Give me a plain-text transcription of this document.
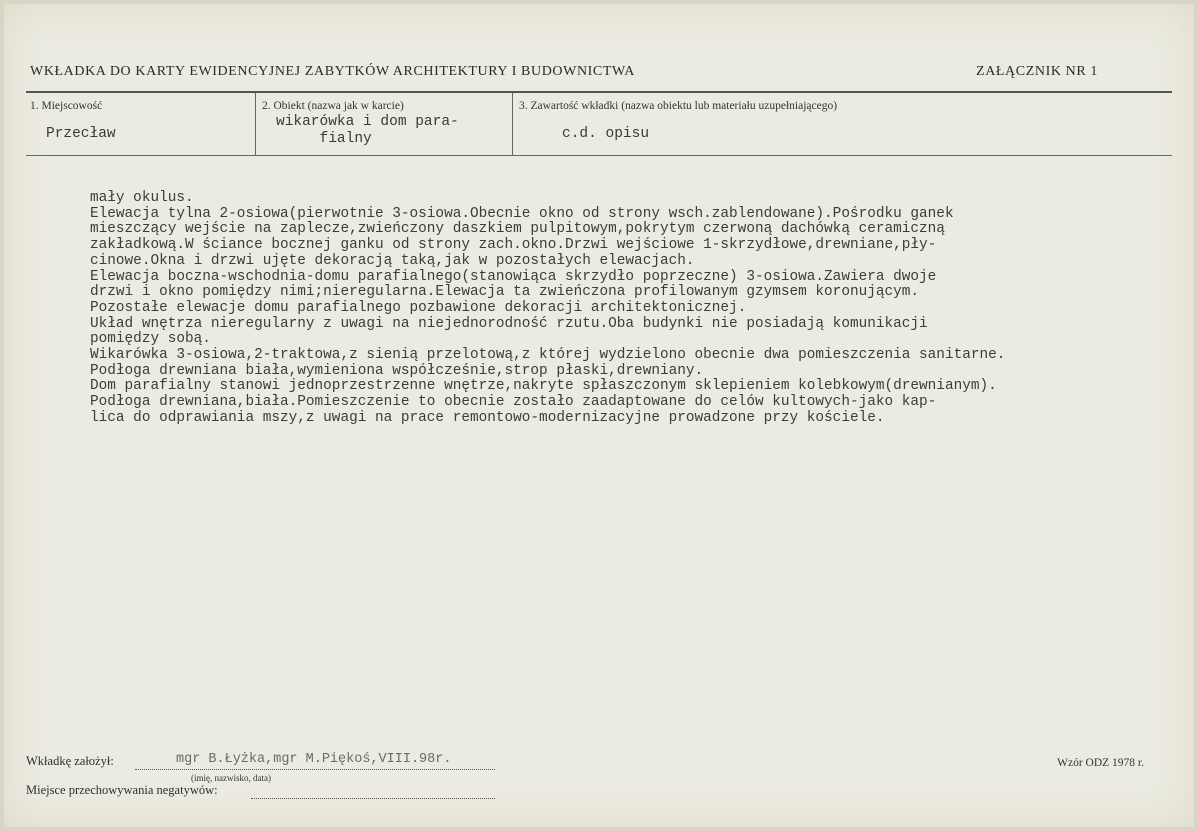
WKŁADKA DO KARTY EWIDENCYJNEJ ZABYTKÓW ARCHITEKTURY I BUDOWNICTWA	ZAŁĄCZNIK NR 1
1. Miejscowość
Przecław
2. Obiekt (nazwa jak w karcie)
wikarówka i dom para-
fialny
3. Zawartość wkładki (nazwa obiektu lub materiału uzupełniającego)
c.d. opisu
mały okulus.
Elewacja tylna 2-osiowa(pierwotnie 3-osiowa.Obecnie okno od strony wsch.zablendowane).Pośrodku ganek
mieszczący wejście na zaplecze,zwieńczony daszkiem pulpitowym,pokrytym czerwoną dachówką ceramiczną
zakładkową.W ściance bocznej ganku od strony zach.okno.Drzwi wejściowe 1-skrzydłowe,drewniane,pły-
cinowe.Okna i drzwi ujęte dekoracją taką,jak w pozostałych elewacjach.
Elewacja boczna-wschodnia-domu parafialnego(stanowiąca skrzydło poprzeczne) 3-osiowa.Zawiera dwoje
drzwi i okno pomiędzy nimi;nieregularna.Elewacja ta zwieńczona profilowanym gzymsem koronującym.
Pozostałe elewacje domu parafialnego pozbawione dekoracji architektonicznej.
Układ wnętrza nieregularny z uwagi na niejednorodność rzutu.Oba budynki nie posiadają komunikacji
pomiędzy sobą.
Wikarówka 3-osiowa,2-traktowa,z sienią przelotową,z której wydzielono obecnie dwa pomieszczenia sanitarne.
Podłoga drewniana biała,wymieniona współcześnie,strop płaski,drewniany.
Dom parafialny stanowi jednoprzestrzenne wnętrze,nakryte spłaszczonym sklepieniem kolebkowym(drewnianym).
Podłoga drewniana,biała.Pomieszczenie to obecnie zostało zaadaptowane do celów kultowych-jako kap-
lica do odprawiania mszy,z uwagi na prace remontowo-modernizacyjne prowadzone przy kościele.
Wkładkę założył:	mgr B.Łyżka,mgr M.Piękoś,VIII.98r.
(imię, nazwisko, data)
Miejsce przechowywania negatywów:
Wzór ODZ 1978 r.
